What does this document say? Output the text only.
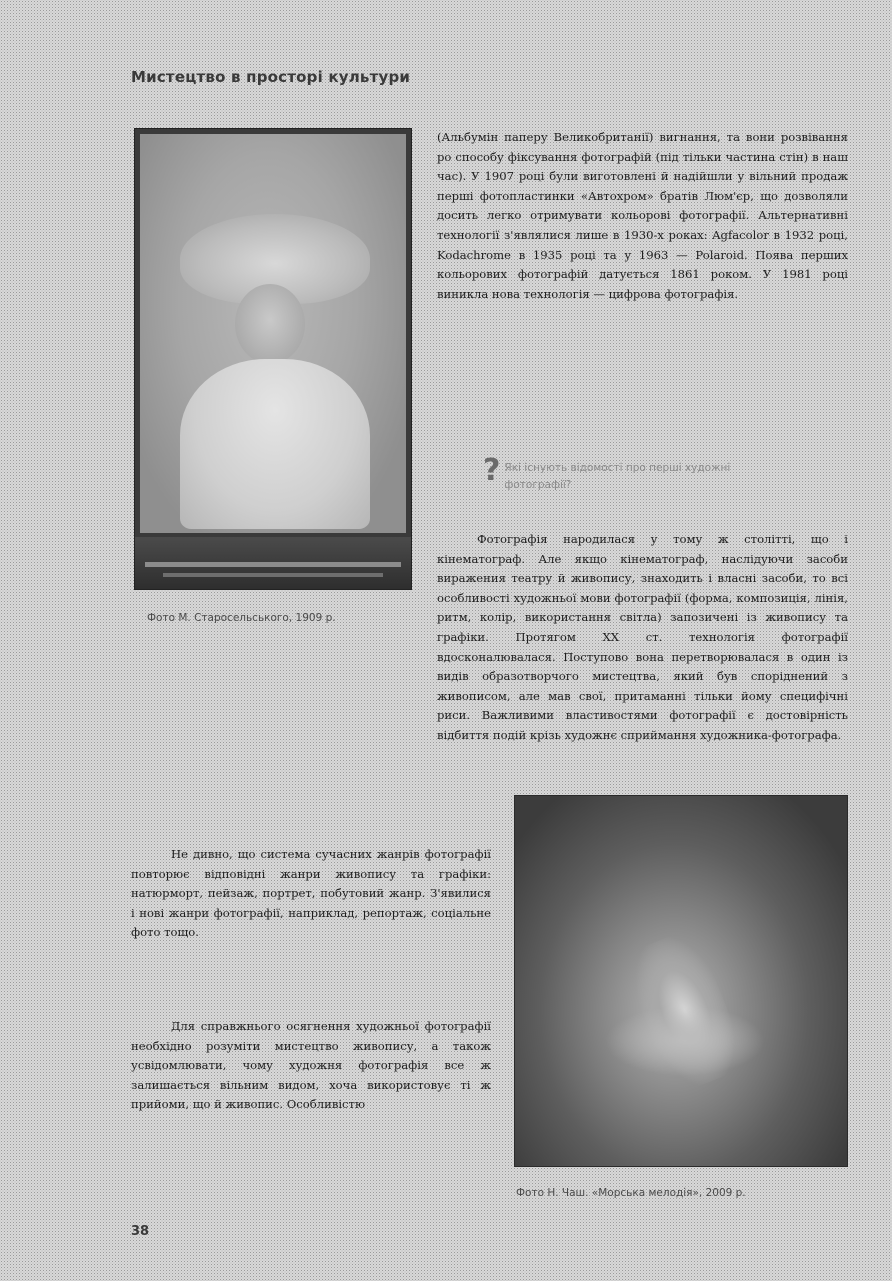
Мистецтво в просторі культури

(Альбумін паперу Великобританії) вигнання, та вони розвівання ро способу фіксування фотографій (під тільки частина стін) в наш час). У 1907 році були виготовлені й надійшли у вільний продаж перші фотопластинки «Автохром» братів Люм'єр, що дозволяли досить легко отримувати кольорові фотографії. Альтернативні технології з'являлися лише в 1930-х роках: Agfacolor в 1932 році, Kodachrome в 1935 році та у 1963 — Polaroid. Поява перших кольорових фотографій датується 1861 роком. У 1981 році виникла нова технологія — цифрова фотографія.

? Які існують відомості про перші художні фотографії?
Фото М. Старосельського, 1909 р.

Фотографія народилася у тому ж столітті, що і кінематограф. Але якщо кінематограф, наслідуючи засоби виражения театру й живопису, знаходить і власні засоби, то всі особливості художньої мови фотографії (форма, композиція, лінія, ритм, колір, використання світла) запозичені із живопису та графіки. Протягом XX ст. технологія фотографії вдосконалювалася. Поступово вона перетворювалася в один із видів образотворчого мистецтва, який був споріднений з живописом, але мав свої, притаманні тільки йому специфічні риси. Важливими властивостями фотографії є достовірність відбиття подій крізь художнє сприймання художника-фотографа.

Не дивно, що система сучасних жанрів фотографії повторює відповідні жанри живопису та графіки: натюрморт, пейзаж, портрет, побутовий жанр. З'явилися і нові жанри фотографії, наприклад, репортаж, соціальне фото тощо.

Для справжнього осягнення художньої фотографії необхідно розуміти мистецтво живопису, а також усвідомлювати, чому художня фотографія все ж залишається вільним видом, хоча використовує ті ж прийоми, що й живопис. Особливістю

Фото Н. Чаш. «Морська мелодія», 2009 р.
38
